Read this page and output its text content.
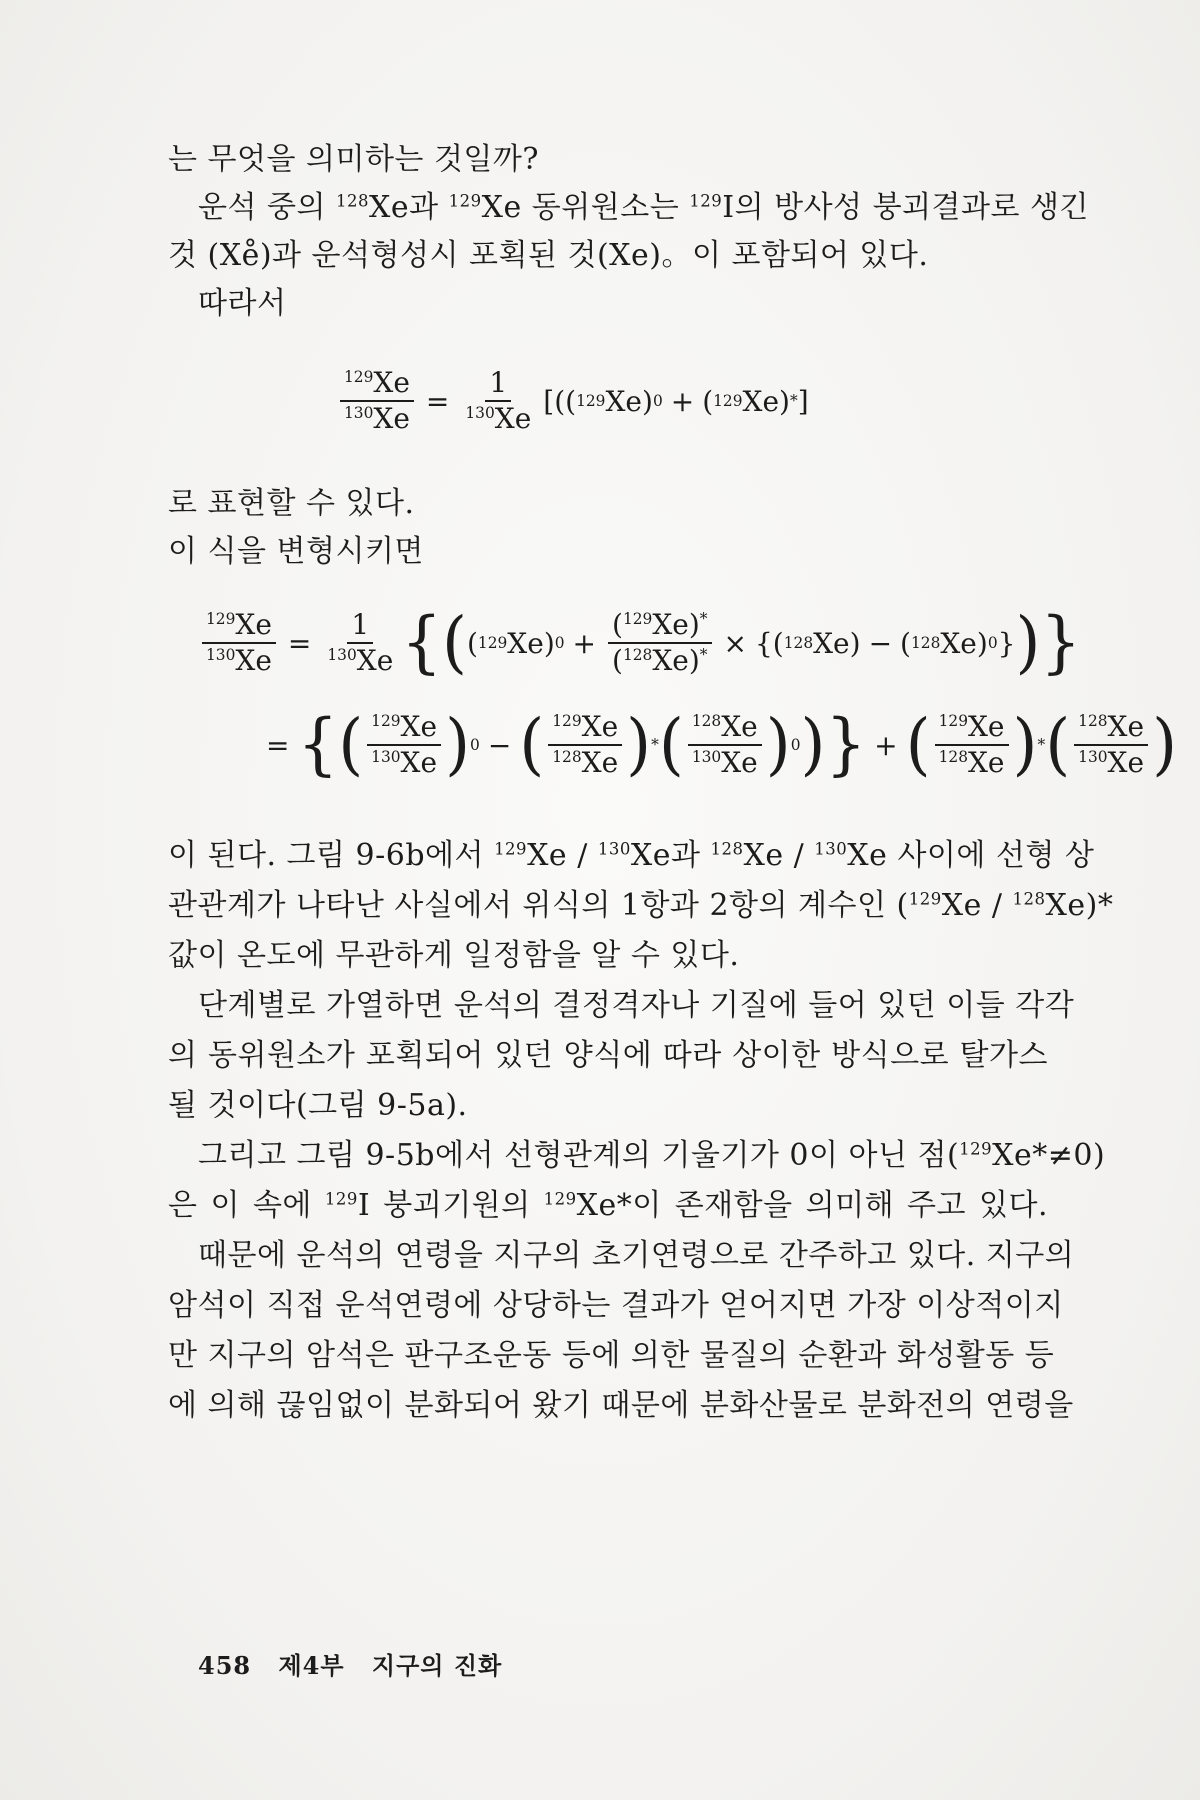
는 무엇을 의미하는 것일까?
운석 중의 $^{128}$Xe과 $^{129}$Xe 동위원소는 $^{129}$I의 방사성 붕괴결과로 생긴
것 (Xe̊)과 운석형성시 포획된 것(Xe)。이 포함되어 있다.
따라서
$\frac{^{129}Xe}{^{130}Xe} = \frac{1}{^{130}Xe}$ [ ( ( 129 Xe ) 0 + ( 129 Xe ) * ]
로 표현할 수 있다.
이 식을 변형시키면
$\frac{^{129}Xe}{^{130}Xe} = \frac{1}{^{130}Xe}$ { ( ( 129 Xe ) $0 + \frac{(^{129}Xe)^*}{(^{128}Xe)^*}$ × { ( 128 Xe ) − ( 128 Xe ) 0 } ) }
= { ( $\frac{^{129}Xe}{^{130}Xe}$ ) 0 − ( $\frac{^{129}Xe}{^{128}Xe}$ ) * ( $\frac{^{128}Xe}{^{130}Xe}$ ) 0 ) } + ( $\frac{^{129}Xe}{^{128}Xe}$ ) * ( $\frac{^{128}Xe}{^{130}Xe}$ )
이 된다. 그림 9-6b에서 $^{129}$Xe / $^{130}$Xe과 $^{128}$Xe / $^{130}$Xe 사이에 선형 상
관관계가 나타난 사실에서 위식의 1항과 2항의 계수인 ($^{129}$Xe / $^{128}$Xe)*
값이 온도에 무관하게 일정함을 알 수 있다.
단계별로 가열하면 운석의 결정격자나 기질에 들어 있던 이들 각각
의 동위원소가 포획되어 있던 양식에 따라 상이한 방식으로 탈가스
될 것이다(그림 9-5a).
그리고 그림 9-5b에서 선형관계의 기울기가 0이 아닌 점($^{129}$Xe*≠0)
은 이 속에 $^{129}$I 붕괴기원의 $^{129}$Xe*이 존재함을 의미해 주고 있다.
때문에 운석의 연령을 지구의 초기연령으로 간주하고 있다. 지구의
암석이 직접 운석연령에 상당하는 결과가 얻어지면 가장 이상적이지
만 지구의 암석은 판구조운동 등에 의한 물질의 순환과 화성활동 등
에 의해 끊임없이 분화되어 왔기 때문에 분화산물로 분화전의 연령을
458 제4부 지구의 진화
